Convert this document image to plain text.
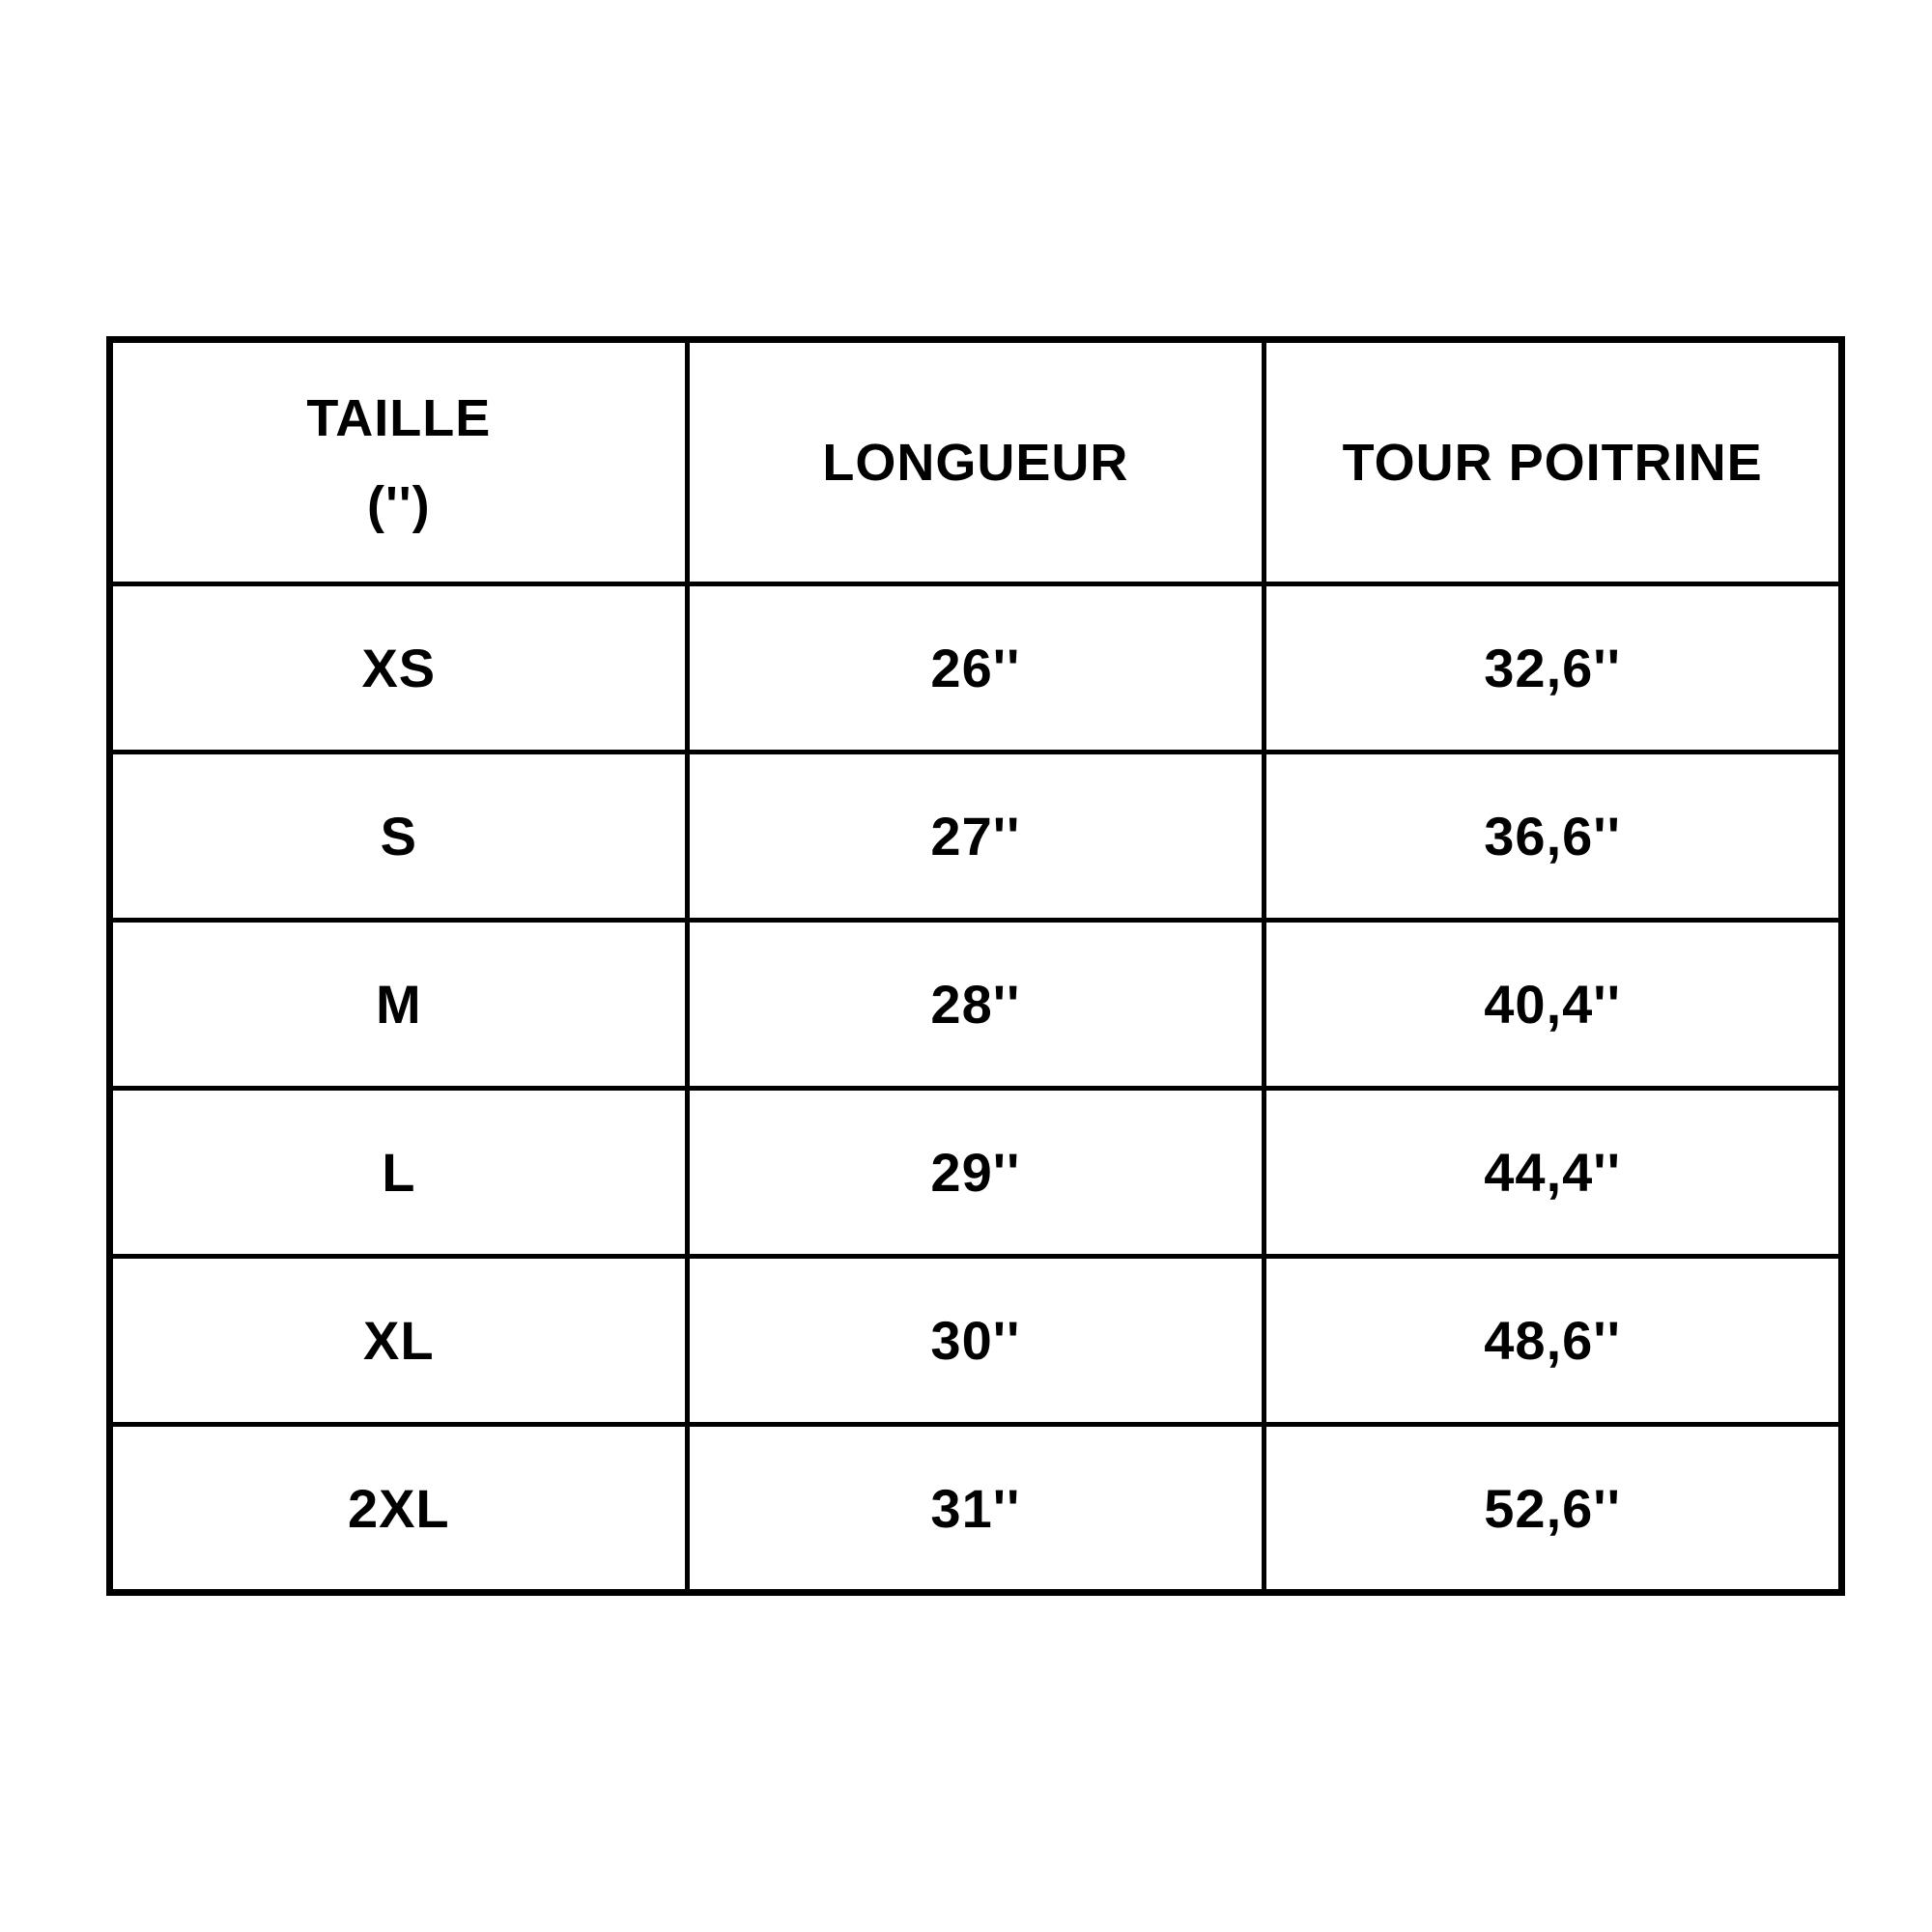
TAILLE
('')	LONGUEUR	TOUR POITRINE
XS	26''	32,6''
S	27''	36,6''
M	28''	40,4''
L	29''	44,4''
XL	30''	48,6''
2XL	31''	52,6''
